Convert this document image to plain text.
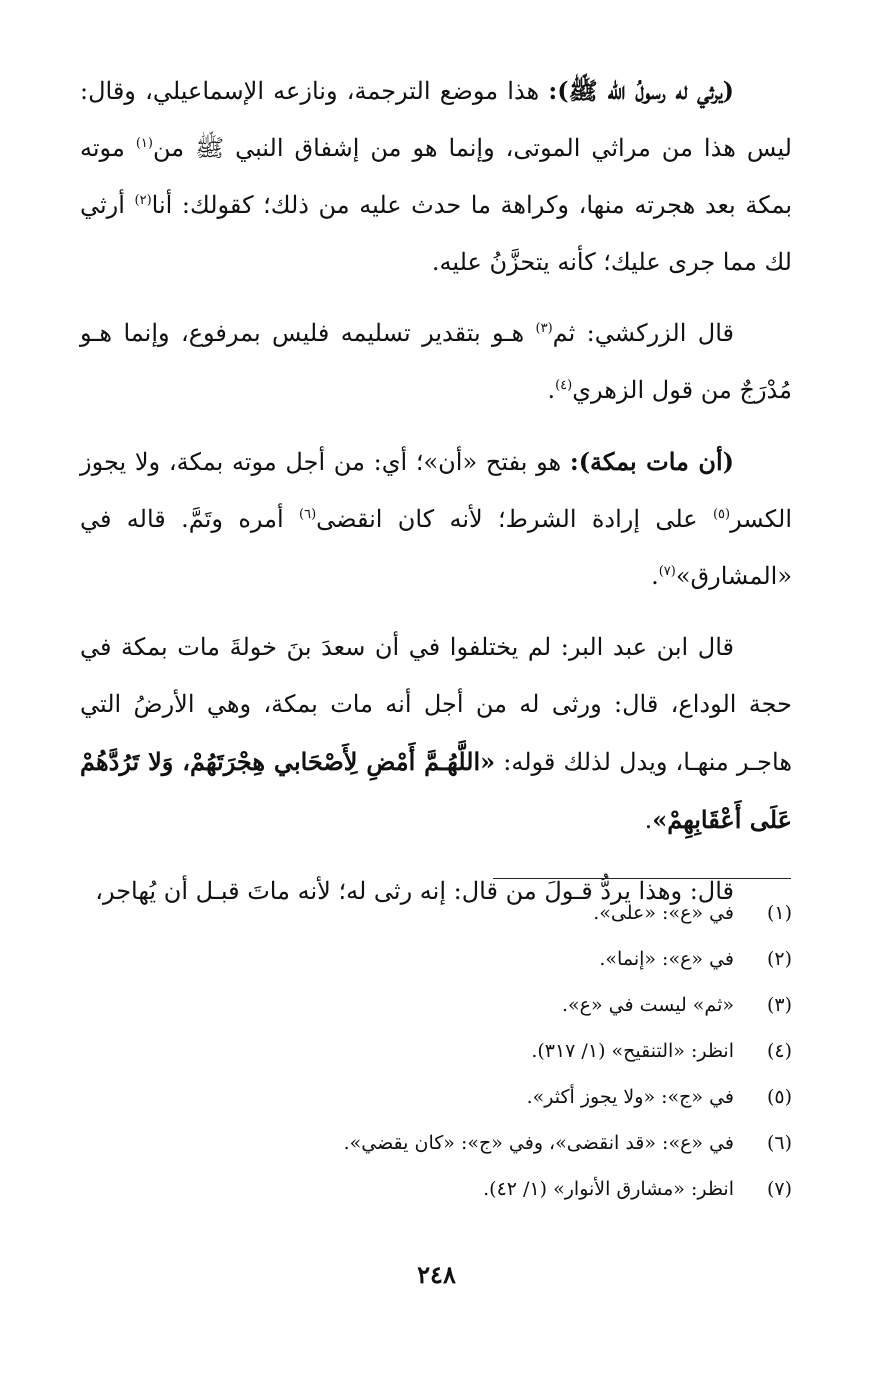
(يرثي له رسولُ الله ﷺ): هذا موضع الترجمة، ونازعه الإسماعيلي، وقال: ليس هذا من مراثي الموتى، وإنما هو من إشفاق النبي ﷺ من$^{(١)}$ موته بمكة بعد هجرته منها، وكراهة ما حدث عليه من ذلك؛ كقولك: أنا$^{(٢)}$ أرثي لك مما جرى عليك؛ كأنه يتحزَّنُ عليه.

قال الزركشي: ثم$^{(٣)}$ هـو بتقدير تسليمه فليس بمرفوع، وإنما هـو مُدْرَجٌ من قول الزهري$^{(٤)}$.

(أن مات بمكة): هو بفتح «أن»؛ أي: من أجل موته بمكة، ولا يجوز الكسر$^{(٥)}$ على إرادة الشرط؛ لأنه كان انقضى$^{(٦)}$ أمره وتَمَّ. قاله في «المشارق»$^{(٧)}$.

قال ابن عبد البر: لم يختلفوا في أن سعدَ بنَ خولةَ مات بمكة في حجة الوداع، قال: ورثى له من أجل أنه مات بمكة، وهي الأرضُ التي هاجـر منهـا، ويدل لذلك قوله: «اللَّهُـمَّ أَمْضِ لِأَصْحَابي هِجْرَتَهُمْ، وَلا تَرُدَّهُمْ عَلَى أَعْقَابِهِمْ».

قال: وهذا يردُّ قـولَ من قال: إنه رثى له؛ لأنه ماتَ قبـل أن يُهاجر،

(١)
في «ع»: «على».
(٢)
في «ع»: «إنما».
(٣)
«ثم» ليست في «ع».
(٤)
انظر: «التنقيح» (١/ ٣١٧).
(٥)
في «ج»: «ولا يجوز أكثر».
(٦)
في «ع»: «قد انقضى»، وفي «ج»: «كان يقضي».
(٧)
انظر: «مشارق الأنوار» (١/ ٤٢).
٢٤٨
